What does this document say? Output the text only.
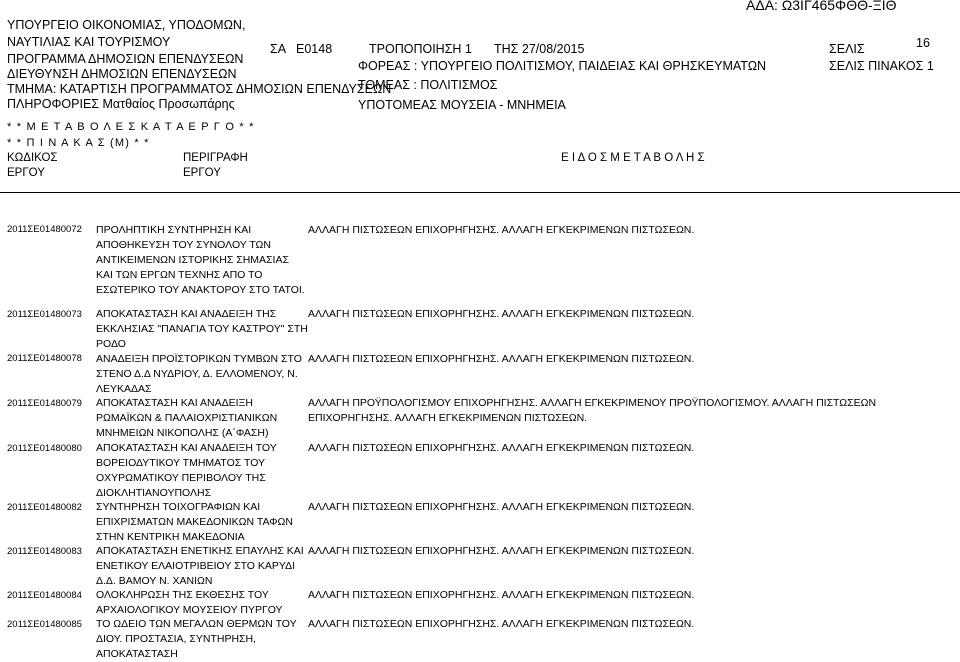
ΑΔΑ: Ω3ΙΓ465ΦΘΘ-ΞΙΘ
ΥΠΟΥΡΓΕΙΟ ΟΙΚΟΝΟΜΙΑΣ, ΥΠΟΔΟΜΩΝ,
ΝΑΥΤΙΛΙΑΣ ΚΑΙ ΤΟΥΡΙΣΜΟΥ
ΠΡΟΓΡΑΜΜΑ ΔΗΜΟΣΙΩΝ ΕΠΕΝΔΥΣΕΩΝ
ΔΙΕΥΘΥΝΣΗ ΔΗΜΟΣΙΩΝ ΕΠΕΝΔΥΣΕΩΝ
ΤΜΗΜΑ: ΚΑΤΑΡΤΙΣΗ ΠΡΟΓΡΑΜΜΑΤΟΣ ΔΗΜΟΣΙΩΝ ΕΠΕΝΔΥΣΕΩΝ
ΠΛΗΡΟΦΟΡΙΕΣ Ματθαίος Προσωπάρης
ΣΑ Ε0148	ΤΡΟΠΟΠΟΙΗΣΗ 1 ΤΗΣ 27/08/2015
ΦΟΡΕΑΣ : ΥΠΟΥΡΓΕΙΟ ΠΟΛΙΤΙΣΜΟΥ, ΠΑΙΔΕΙΑΣ ΚΑΙ ΘΡΗΣΚΕΥΜΑΤΩΝ
ΤΟΜΕΑΣ : ΠΟΛΙΤΙΣΜΟΣ
ΥΠΟΤΟΜΕΑΣ ΜΟΥΣΕΙΑ - ΜΝΗΜΕΙΑ
ΣΕΛΙΣ	16
ΣΕΛΙΣ ΠΙΝΑΚΟΣ 1
* * Μ Ε Τ Α Β Ο Λ Ε Σ Κ Α Τ Α Ε Ρ Γ Ο * *
* * Π Ι Ν Α Κ Α Σ (Μ) * *
ΚΩΔΙΚΟΣ
ΕΡΓΟΥ
ΠΕΡΙΓΡΑΦΗ
ΕΡΓΟΥ
Ε Ι Δ Ο Σ Μ Ε Τ Α Β Ο Λ Η Σ
2011ΣΕ01480072 ΠΡΟΛΗΠΤΙΚΗ ΣΥΝΤΗΡΗΣΗ ΚΑΙ ΑΠΟΘΗΚΕΥΣΗ ΤΟΥ ΣΥΝΟΛΟΥ ΤΩΝ ΑΝΤΙΚΕΙΜΕΝΩΝ ΙΣΤΟΡΙΚΗΣ ΣΗΜΑΣΙΑΣ ΚΑΙ ΤΩΝ ΕΡΓΩΝ ΤΕΧΝΗΣ ΑΠΟ ΤΟ ΕΣΩΤΕΡΙΚΟ ΤΟΥ ΑΝΑΚΤΟΡΟΥ ΣΤΟ ΤΑΤΟΙ.
ΑΛΛΑΓΗ ΠΙΣΤΩΣΕΩΝ ΕΠΙΧΟΡΗΓΗΣΗΣ. ΑΛΛΑΓΗ ΕΓΚΕΚΡΙΜΕΝΩΝ ΠΙΣΤΩΣΕΩΝ.
2011ΣΕ01480073 ΑΠΟΚΑΤΑΣΤΑΣΗ ΚΑΙ ΑΝΑΔΕΙΞΗ ΤΗΣ ΕΚΚΛΗΣΙΑΣ "ΠΑΝΑΓΙΑ ΤΟΥ ΚΑΣΤΡΟΥ" ΣΤΗ ΡΟΔΟ
ΑΛΛΑΓΗ ΠΙΣΤΩΣΕΩΝ ΕΠΙΧΟΡΗΓΗΣΗΣ. ΑΛΛΑΓΗ ΕΓΚΕΚΡΙΜΕΝΩΝ ΠΙΣΤΩΣΕΩΝ.
2011ΣΕ01480078 ΑΝΑΔΕΙΞΗ ΠΡΟΪΣΤΟΡΙΚΩΝ ΤΥΜΒΩΝ ΣΤΟ ΣΤΕΝΟ Δ.Δ ΝΥΔΡΙΟΥ, Δ. ΕΛΛΟΜΕΝΟΥ, Ν. ΛΕΥΚΑΔΑΣ
ΑΛΛΑΓΗ ΠΙΣΤΩΣΕΩΝ ΕΠΙΧΟΡΗΓΗΣΗΣ. ΑΛΛΑΓΗ ΕΓΚΕΚΡΙΜΕΝΩΝ ΠΙΣΤΩΣΕΩΝ.
2011ΣΕ01480079 ΑΠΟΚΑΤΑΣΤΑΣΗ ΚΑΙ ΑΝΑΔΕΙΞΗ ΡΩΜΑΪΚΩΝ & ΠΑΛΑΙΟΧΡΙΣΤΙΑΝΙΚΩΝ ΜΝΗΜΕΙΩΝ ΝΙΚΟΠΟΛΗΣ (Α΄ΦΑΣΗ)
ΑΛΛΑΓΗ ΠΡΟΫΠΟΛΟΓΙΣΜΟΥ ΕΠΙΧΟΡΗΓΗΣΗΣ. ΑΛΛΑΓΗ ΕΓΚΕΚΡΙΜΕΝΟΥ ΠΡΟΫΠΟΛΟΓΙΣΜΟΥ. ΑΛΛΑΓΗ ΠΙΣΤΩΣΕΩΝ ΕΠΙΧΟΡΗΓΗΣΗΣ. ΑΛΛΑΓΗ ΕΓΚΕΚΡΙΜΕΝΩΝ ΠΙΣΤΩΣΕΩΝ.
2011ΣΕ01480080 ΑΠΟΚΑΤΑΣΤΑΣΗ ΚΑΙ ΑΝΑΔΕΙΞΗ ΤΟΥ ΒΟΡΕΙΟΔΥΤΙΚΟΥ ΤΜΗΜΑΤΟΣ ΤΟΥ ΟΧΥΡΩΜΑΤΙΚΟΥ ΠΕΡΙΒΟΛΟΥ ΤΗΣ ΔΙΟΚΛΗΤΙΑΝΟΥΠΟΛΗΣ
ΑΛΛΑΓΗ ΠΙΣΤΩΣΕΩΝ ΕΠΙΧΟΡΗΓΗΣΗΣ. ΑΛΛΑΓΗ ΕΓΚΕΚΡΙΜΕΝΩΝ ΠΙΣΤΩΣΕΩΝ.
2011ΣΕ01480082 ΣΥΝΤΗΡΗΣΗ ΤΟΙΧΟΓΡΑΦΙΩΝ ΚΑΙ ΕΠΙΧΡΙΣΜΑΤΩΝ ΜΑΚΕΔΟΝΙΚΩΝ ΤΑΦΩΝ ΣΤΗΝ ΚΕΝΤΡΙΚΗ ΜΑΚΕΔΟΝΙΑ
ΑΛΛΑΓΗ ΠΙΣΤΩΣΕΩΝ ΕΠΙΧΟΡΗΓΗΣΗΣ. ΑΛΛΑΓΗ ΕΓΚΕΚΡΙΜΕΝΩΝ ΠΙΣΤΩΣΕΩΝ.
2011ΣΕ01480083 ΑΠΟΚΑΤΑΣΤΑΣΗ ΕΝΕΤΙΚΗΣ ΕΠΑΥΛΗΣ ΚΑΙ ΕΝΕΤΙΚΟΥ ΕΛΑΙΟΤΡΙΒΕΙΟΥ ΣΤΟ ΚΑΡΥΔΙ Δ.Δ. ΒΑΜΟΥ Ν. ΧΑΝΙΩΝ
ΑΛΛΑΓΗ ΠΙΣΤΩΣΕΩΝ ΕΠΙΧΟΡΗΓΗΣΗΣ. ΑΛΛΑΓΗ ΕΓΚΕΚΡΙΜΕΝΩΝ ΠΙΣΤΩΣΕΩΝ.
2011ΣΕ01480084 ΟΛΟΚΛΗΡΩΣΗ ΤΗΣ ΕΚΘΕΣΗΣ ΤΟΥ ΑΡΧΑΙΟΛΟΓΙΚΟΥ ΜΟΥΣΕΙΟΥ ΠΥΡΓΟΥ
ΑΛΛΑΓΗ ΠΙΣΤΩΣΕΩΝ ΕΠΙΧΟΡΗΓΗΣΗΣ. ΑΛΛΑΓΗ ΕΓΚΕΚΡΙΜΕΝΩΝ ΠΙΣΤΩΣΕΩΝ.
2011ΣΕ01480085 ΤΟ ΩΔΕΙΟ ΤΩΝ ΜΕΓΑΛΩΝ ΘΕΡΜΩΝ ΤΟΥ ΔΙΟΥ. ΠΡΟΣΤΑΣΙΑ, ΣΥΝΤΗΡΗΣΗ, ΑΠΟΚΑΤΑΣΤΑΣΗ
ΑΛΛΑΓΗ ΠΙΣΤΩΣΕΩΝ ΕΠΙΧΟΡΗΓΗΣΗΣ. ΑΛΛΑΓΗ ΕΓΚΕΚΡΙΜΕΝΩΝ ΠΙΣΤΩΣΕΩΝ.
